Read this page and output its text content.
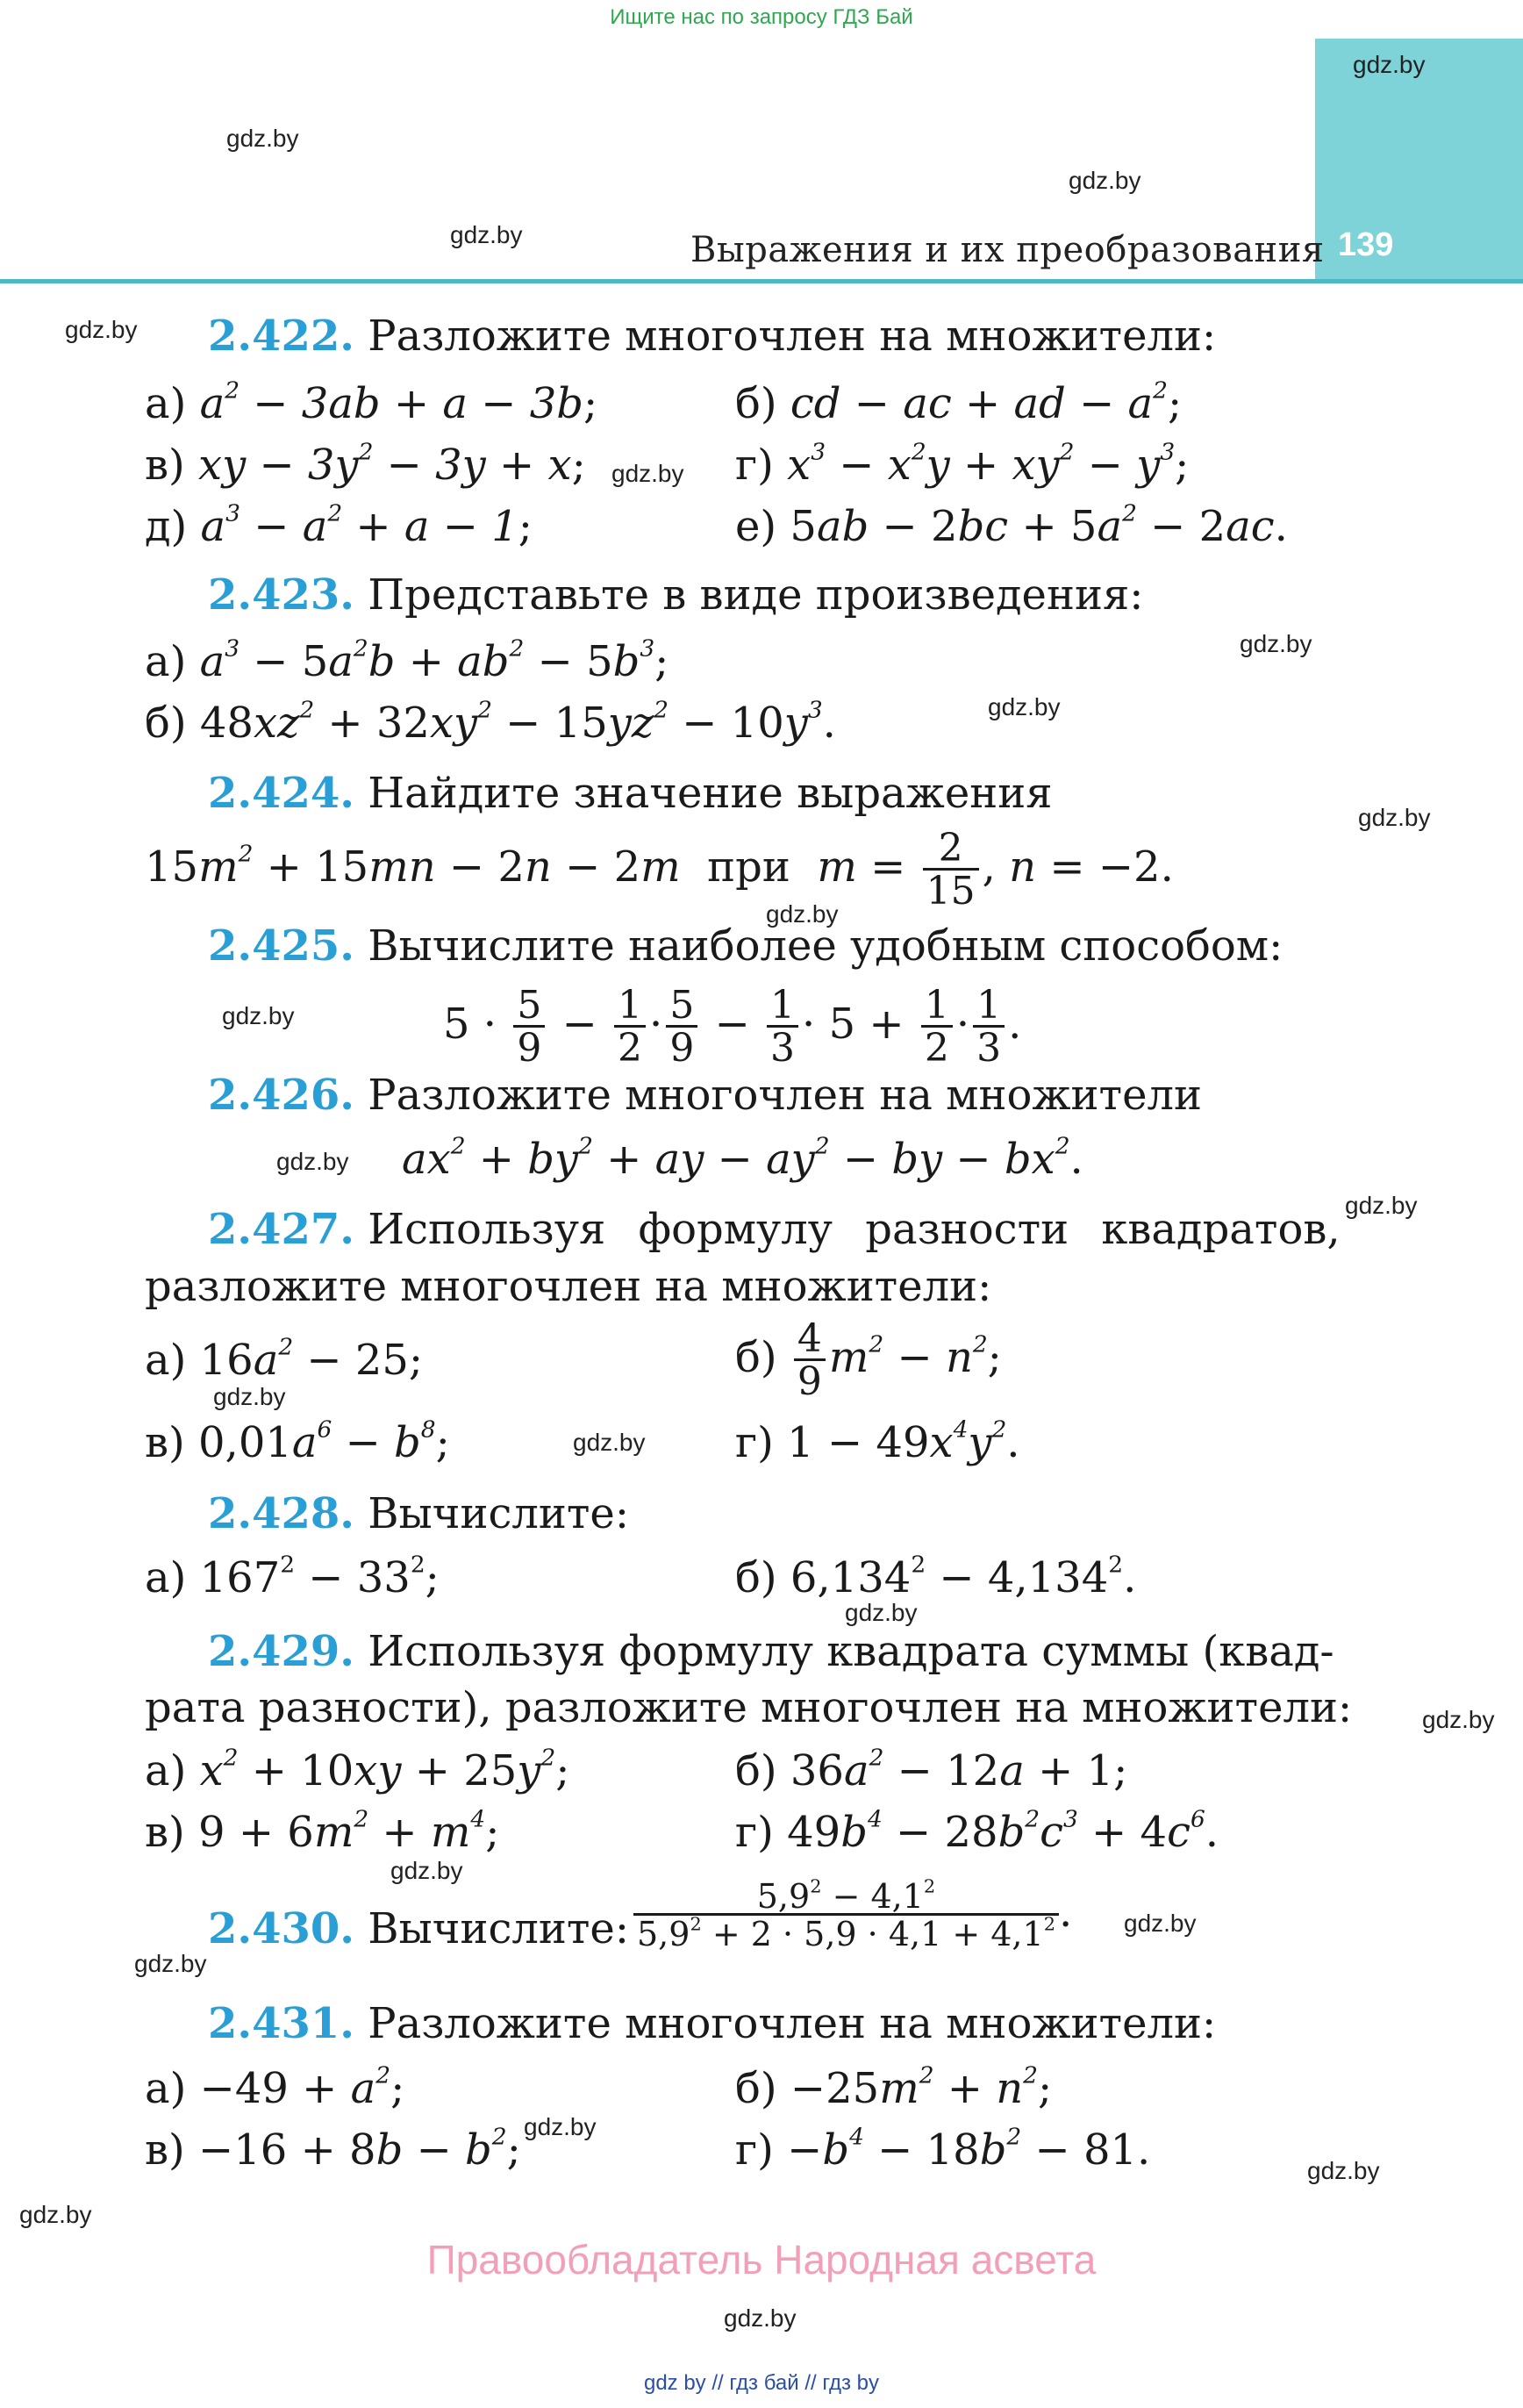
Ищите нас по запросу ГДЗ Бай
139
Выражения и их преобразования
gdz.by
gdz.by
gdz.by
gdz.by
gdz.by
gdz.by
gdz.by
gdz.by
gdz.by
gdz.by
gdz.by
gdz.by
gdz.by
gdz.by
gdz.by
gdz.by
gdz.by
gdz.by
gdz.by
gdz.by
gdz.by
gdz.by
gdz.by
gdz.by
2.422. Разложите многочлен на множители:
а) $a^2 - 3ab + a - 3b$;	б) cd − ac + ad − $a^2$;
в) xy − $3y^2 - 3y + x$;	г) $x^3 - x^2y + xy^2 - y^3$;
д) $a^3 - a^2 + a - 1$;	е) $5ab - 2bc + 5a^2 - 2ac$.
2.423. Представьте в виде произведения:
а) $a^3 - 5a^2b + ab^2 - 5b^3$;
б) $48xz^2 + 32xy^2 - 15yz^2 - 10y^3$.
2.424. Найдите значение выражения
$15m^2 + 15mn - 2n - 2m$  при  $m = \frac{2}{15}$ , n = −2.
2.425. Вычислите наиболее удобным способом:
$5 \cdot \frac{5}{9} - \frac{1}{2} \cdot \frac{5}{9} - \frac{1}{3} \cdot 5 + \frac{1}{2} \cdot \frac{1}{3}$ .
2.426. Разложите многочлен на множители
$ax^2 + by^2$ + ay − $ay^2$ − by − $bx^2$.
2.427. Используя формулу разности квадратов,
разложите многочлен на множители:
а) $16a^2 - 25$;	$б) \frac{4}{9} m^2 - n^2$;
в) $0,01a^6 - b^8$;	г) $1 - 49x^4y^2$.
2.428. Вычислите:
а) $167^2 - 33^2$;	б) $6,134^2 - 4,134^2$.
2.429. Используя формулу квадрата суммы (квад-
рата разности), разложите многочлен на множители:
а) $x^2 + 10xy + 25y^2$;	б) $36a^2 - 12a + 1$;
в) $9 + 6m^2 + m^4$;	г) $49b^4 - 28b^2c^3 + 4c^6$.
2.430. Вычислите: $\frac{5,9^2 - 4,1^2}{5,9^2 + 2 \cdot 5,9 \cdot 4,1 + 4,1^2}$ .
2.431. Разложите многочлен на множители:
$а) -49 + a^2$;	$б) -25m^2 + n^2$;
$в) -16 + 8b - b^2$;	$г) -b^4 - 18b^2 - 81$.
Правообладатель Народная асвета
gdz by // гдз бай // гдз by
